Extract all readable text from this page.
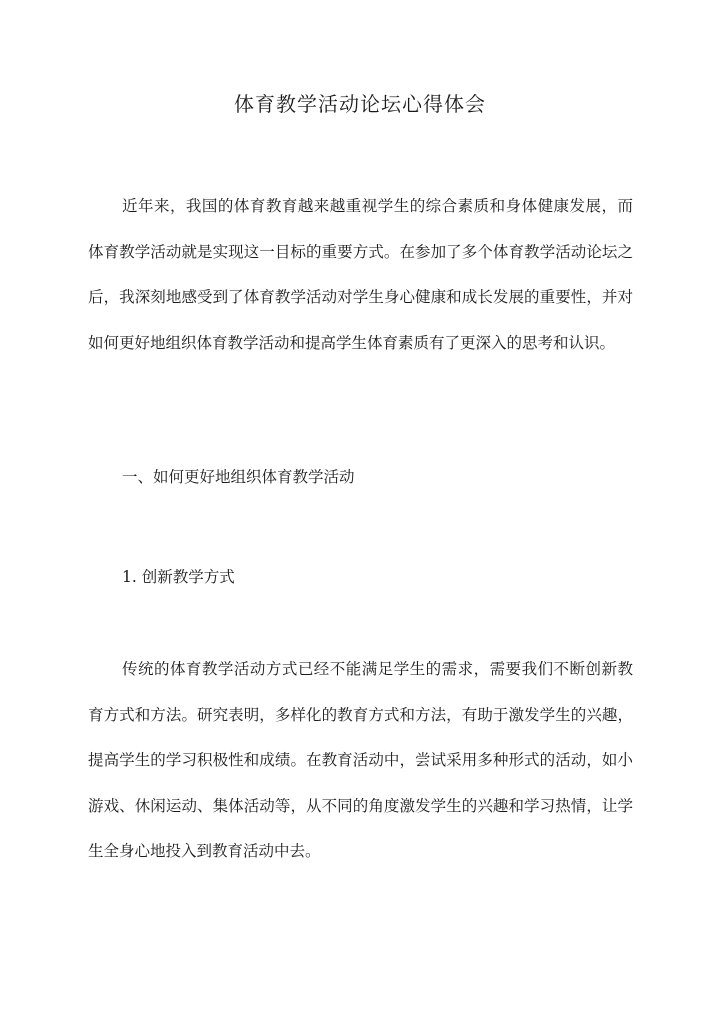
体育教学活动论坛心得体会

近年来，我国的体育教育越来越重视学生的综合素质和身体健康发展，而体育教学活动就是实现这一目标的重要方式。在参加了多个体育教学活动论坛之后，我深刻地感受到了体育教学活动对学生身心健康和成长发展的重要性，并对如何更好地组织体育教学活动和提高学生体育素质有了更深入的思考和认识。

一、如何更好地组织体育教学活动
1. 创新教学方式

传统的体育教学活动方式已经不能满足学生的需求，需要我们不断创新教育方式和方法。研究表明，多样化的教育方式和方法，有助于激发学生的兴趣，提高学生的学习积极性和成绩。在教育活动中，尝试采用多种形式的活动，如小游戏、休闲运动、集体活动等，从不同的角度激发学生的兴趣和学习热情，让学生全身心地投入到教育活动中去。
